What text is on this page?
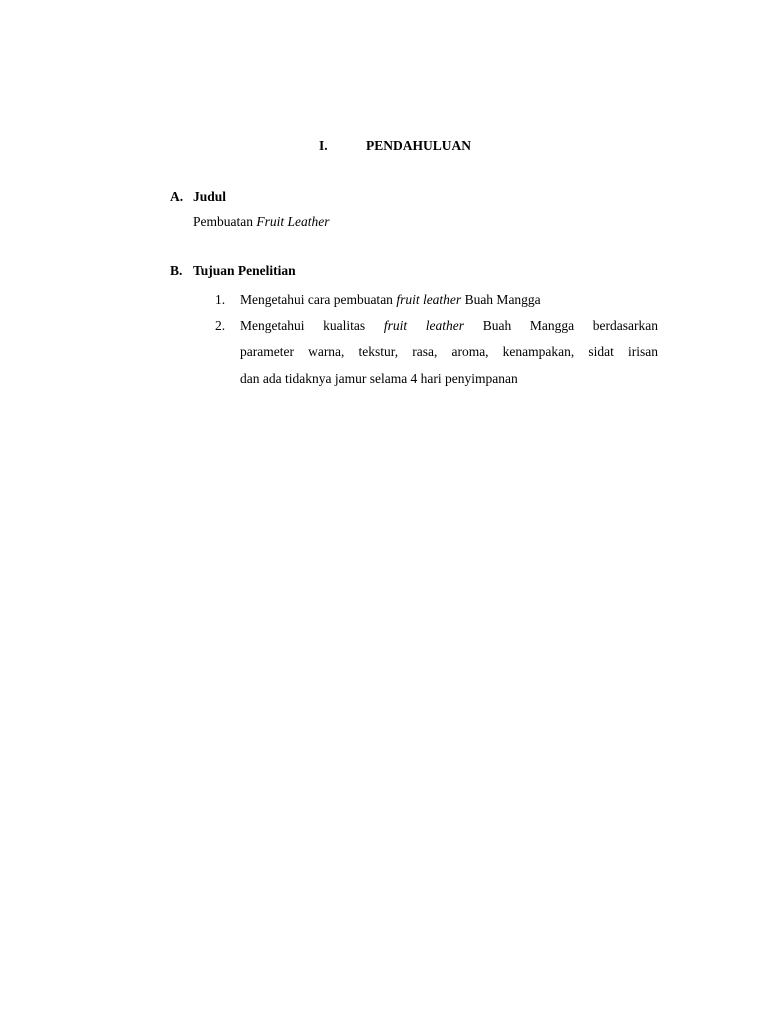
I.	PENDAHULUAN
A. Judul
Pembuatan Fruit Leather
B. Tujuan Penelitian
1. Mengetahui cara pembuatan fruit leather Buah Mangga
2. Mengetahui kualitas fruit leather Buah Mangga berdasarkan
parameter warna, tekstur, rasa, aroma, kenampakan, sidat irisan
dan ada tidaknya jamur selama 4 hari penyimpanan
